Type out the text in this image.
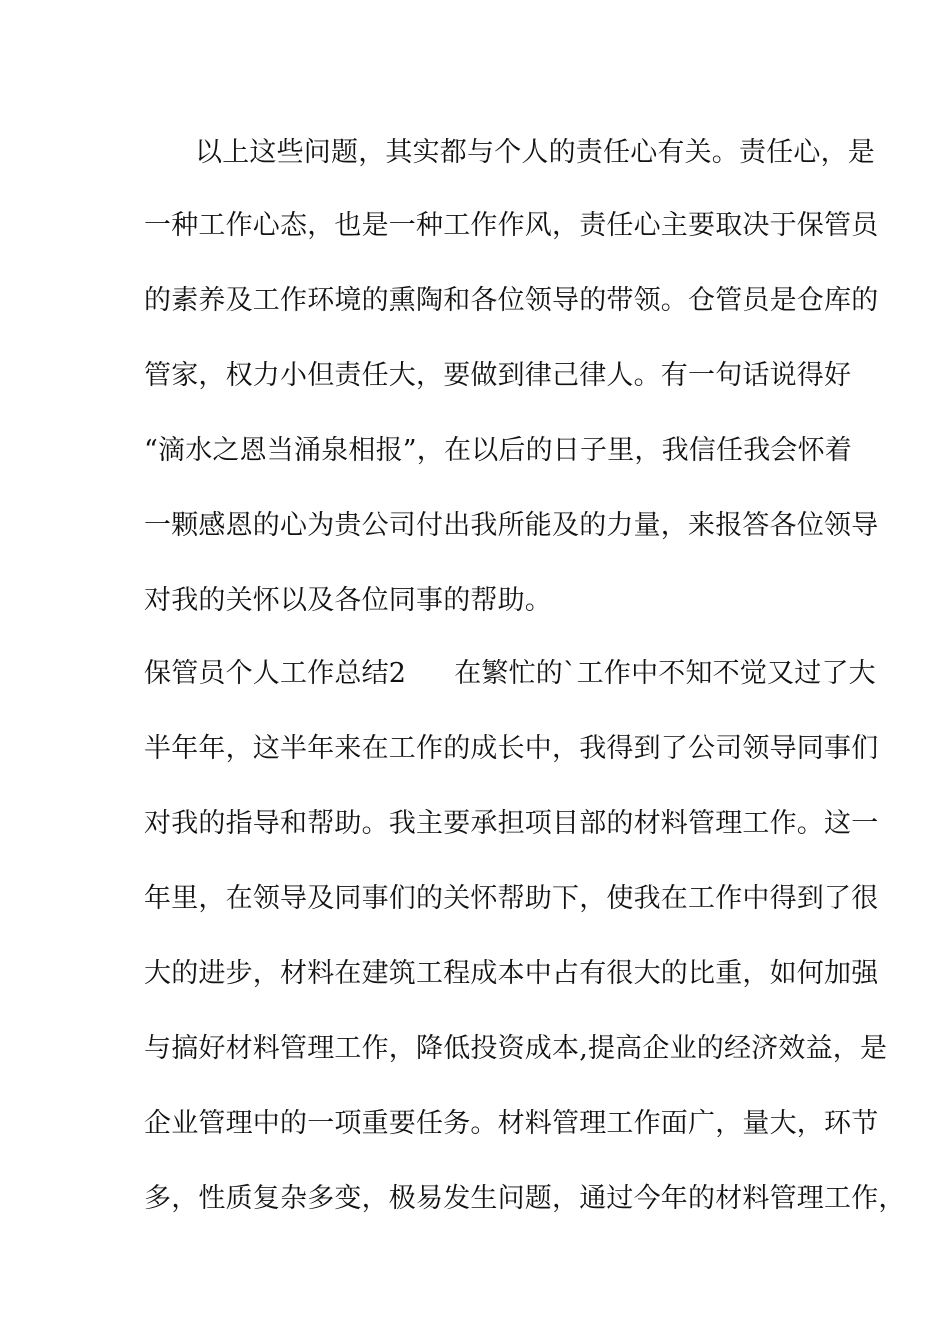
以上这些问题，其实都与个人的责任心有关。责任心，是
一种工作心态，也是一种工作作风，责任心主要取决于保管员
的素养及工作环境的熏陶和各位领导的带领。仓管员是仓库的
管家，权力小但责任大，要做到律己律人。有一句话说得好
“滴水之恩当涌泉相报”，在以后的日子里，我信任我会怀着
一颗感恩的心为贵公司付出我所能及的力量，来报答各位领导
对我的关怀以及各位同事的帮助。
保管员个人工作总结2 在繁忙的`工作中不知不觉又过了大
半年年，这半年来在工作的成长中，我得到了公司领导同事们
对我的指导和帮助。我主要承担项目部的材料管理工作。这一
年里，在领导及同事们的关怀帮助下，使我在工作中得到了很
大的进步，材料在建筑工程成本中占有很大的比重，如何加强
与搞好材料管理工作，降低投资成本,提高企业的经济效益，是
企业管理中的一项重要任务。材料管理工作面广，量大，环节
多，性质复杂多变，极易发生问题，通过今年的材料管理工作，
